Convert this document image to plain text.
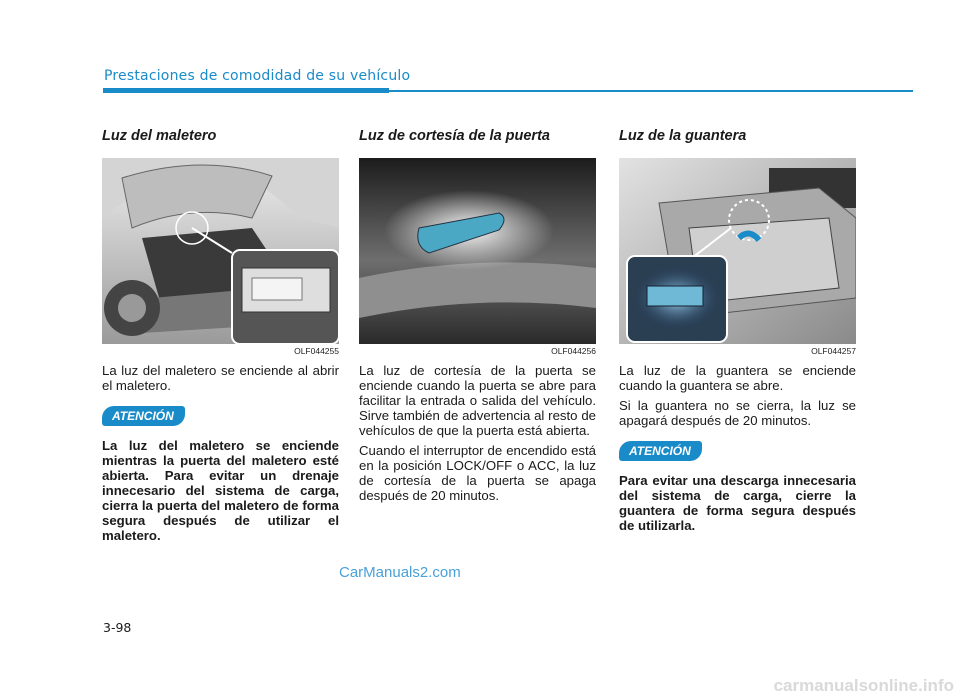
Prestaciones de comodidad de su vehículo
Luz del maletero
OLF044255

La luz del maletero se enciende al abrir el maletero.

ATENCIÓN

La luz del maletero se enciende mientras la puerta del maletero esté abierta. Para evitar un drenaje innecesario del sistema de carga, cierra la puerta del maletero de forma segura después de utilizar el maletero.

Luz de cortesía de la puerta
OLF044256

La luz de cortesía de la puerta se enciende cuando la puerta se abre para facilitar la entrada o salida del vehículo. Sirve también de advertencia al resto de vehículos de que la puerta está abierta.

Cuando el interruptor de encendido está en la posición LOCK/OFF o ACC, la luz de cortesía de la puerta se apaga después de 20 minutos.

Luz de la guantera
OLF044257

La luz de la guantera se enciende cuando la guantera se abre.

Si la guantera no se cierra, la luz se apagará después de 20 minutos.

ATENCIÓN

Para evitar una descarga innecesaria del sistema de carga, cierre la guantera de forma segura después de utilizarla.

3-98
CarManuals2.com
carmanualsonline.info
